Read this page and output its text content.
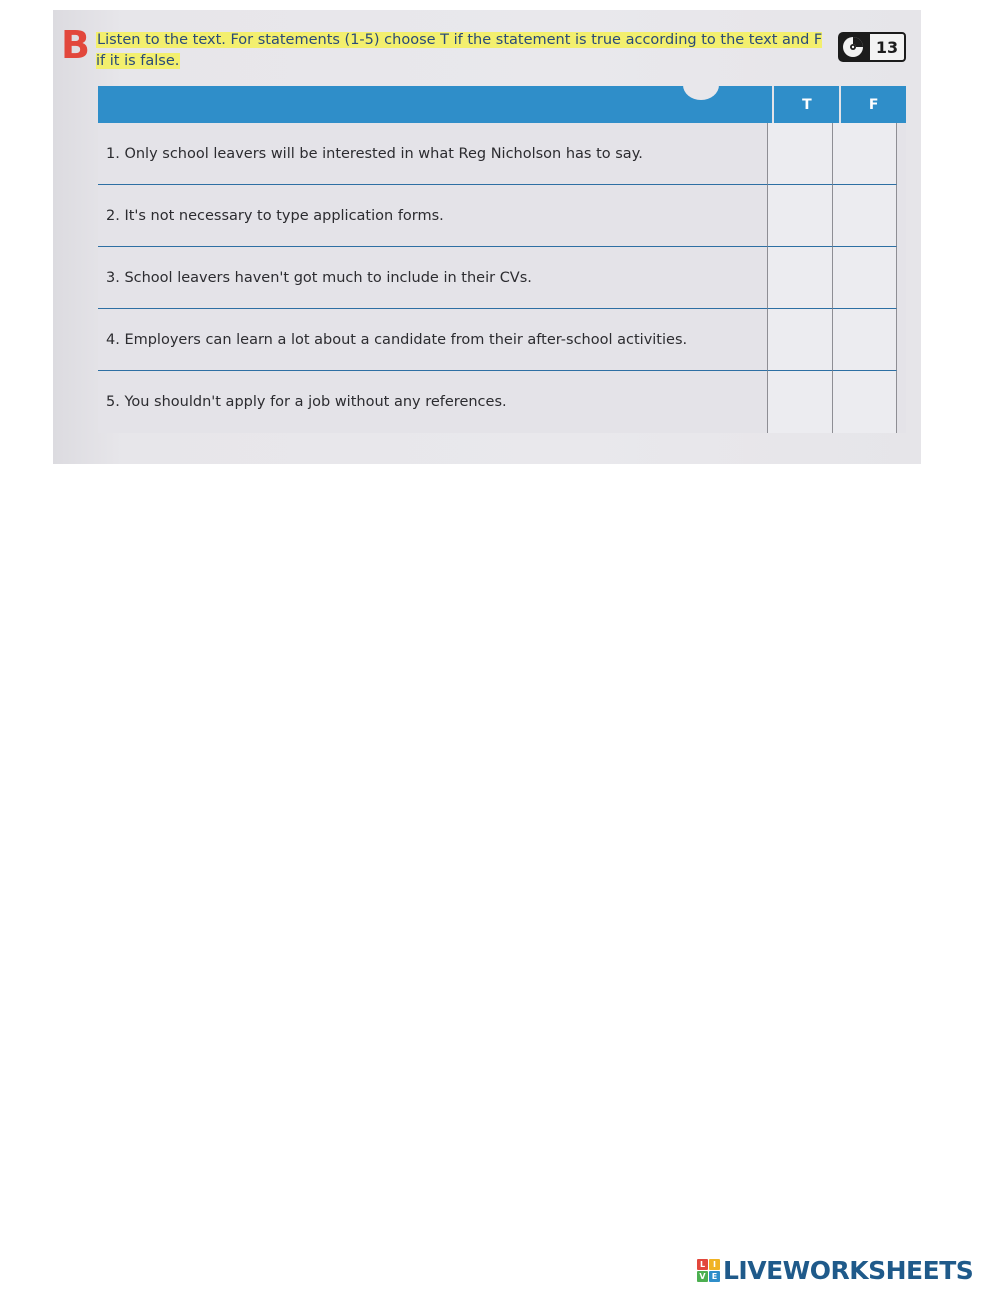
B Listen to the text. For statements (1-5) choose T if the statement is true according to the text and F if it is false.
13
T	F
1. Only school leavers will be interested in what Reg Nicholson has to say.
2. It's not necessary to type application forms.
3. School leavers haven't got much to include in their CVs.
4. Employers can learn a lot about a candidate from their after-school activities.
5. You shouldn't apply for a job without any references.
L I
V E LIVEWORKSHEETS
